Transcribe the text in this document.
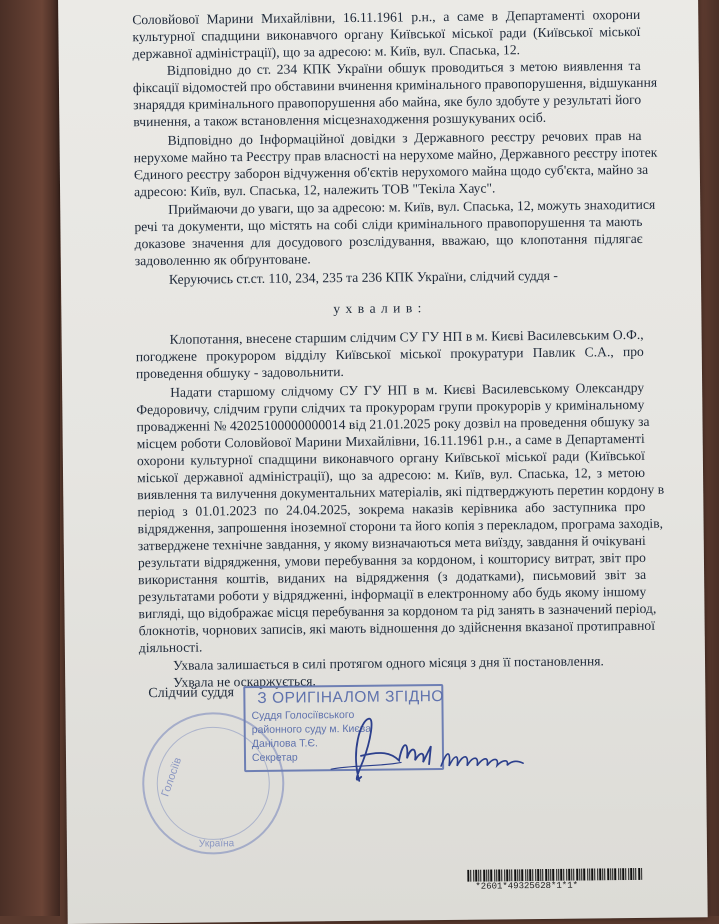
Соловйової Марини Михайлівни, 16.11.1961 р.н., а саме в Департаменті охорони
культурної спадщини виконавчого органу Київської міської ради (Київської міської
державної адміністрації), що за адресою: м. Київ, вул. Спаська, 12.
Відповідно до ст. 234 КПК України обшук проводиться з метою виявлення та
фіксації відомостей про обставини вчинення кримінального правопорушення, відшукання
знаряддя кримінального правопорушення або майна, яке було здобуте у результаті його
вчинення, а також встановлення місцезнаходження розшукуваних осіб.
Відповідно до Інформаційної довідки з Державного реєстру речових прав на
нерухоме майно та Реєстру прав власності на нерухоме майно, Державного реєстру іпотек
Єдиного реєстру заборон відчуження об'єктів нерухомого майна щодо суб'єкта, майно за
адресою: Київ, вул. Спаська, 12, належить ТОВ "Текіла Хаус".
Приймаючи до уваги, що за адресою: м. Київ, вул. Спаська, 12, можуть знаходитися
речі та документи, що містять на собі сліди кримінального правопорушення та мають
доказове значення для досудового розслідування, вважаю, що клопотання підлягає
задоволенню як обґрунтоване.
Керуючись ст.ст. 110, 234, 235 та 236 КПК України, слідчий суддя -
у х в а л и в :
Клопотання, внесене старшим слідчим СУ ГУ НП в м. Києві Василевським О.Ф.,
погоджене прокурором відділу Київської міської прокуратури Павлик С.А., про
проведення обшуку - задовольнити.
Надати старшому слідчому СУ ГУ НП в м. Києві Василевському Олександру
Федоровичу, слідчим групи слідчих та прокурорам групи прокурорів у кримінальному
провадженні № 42025100000000014 від 21.01.2025 року дозвіл на проведення обшуку за
місцем роботи Соловйової Марини Михайлівни, 16.11.1961 р.н., а саме в Департаменті
охорони культурної спадщини виконавчого органу Київської міської ради (Київської
міської державної адміністрації), що за адресою: м. Київ, вул. Спаська, 12, з метою
виявлення та вилучення документальних матеріалів, які підтверджують перетин кордону в
період з 01.01.2023 по 24.04.2025, зокрема наказів керівника або заступника про
відрядження, запрошення іноземної сторони та його копія з перекладом, програма заходів,
затверджене технічне завдання, у якому визначаються мета виїзду, завдання й очікувані
результати відрядження, умови перебування за кордоном, і кошторису витрат, звіт про
використання коштів, виданих на відрядження (з додатками), письмовий звіт за
результатами роботи у відрядженні, інформації в електронному або будь якому іншому
вигляді, що відображає місця перебування за кордоном та рід занять в зазначений період,
блокнотів, чорнових записів, які мають відношення до здійснення вказаної протиправної
діяльності.
Ухвала залишається в силі протягом одного місяця з дня її постановлення.
Ухвала не оскаржується.
Слідчий суддя
Голосіїв
Україна
З ОРИГІНАЛОМ ЗГІДНО
Суддя Голосіївського
районного суду м. Києва
Данілова Т.Є.
Секретар
*2601*49325628*1*1*
